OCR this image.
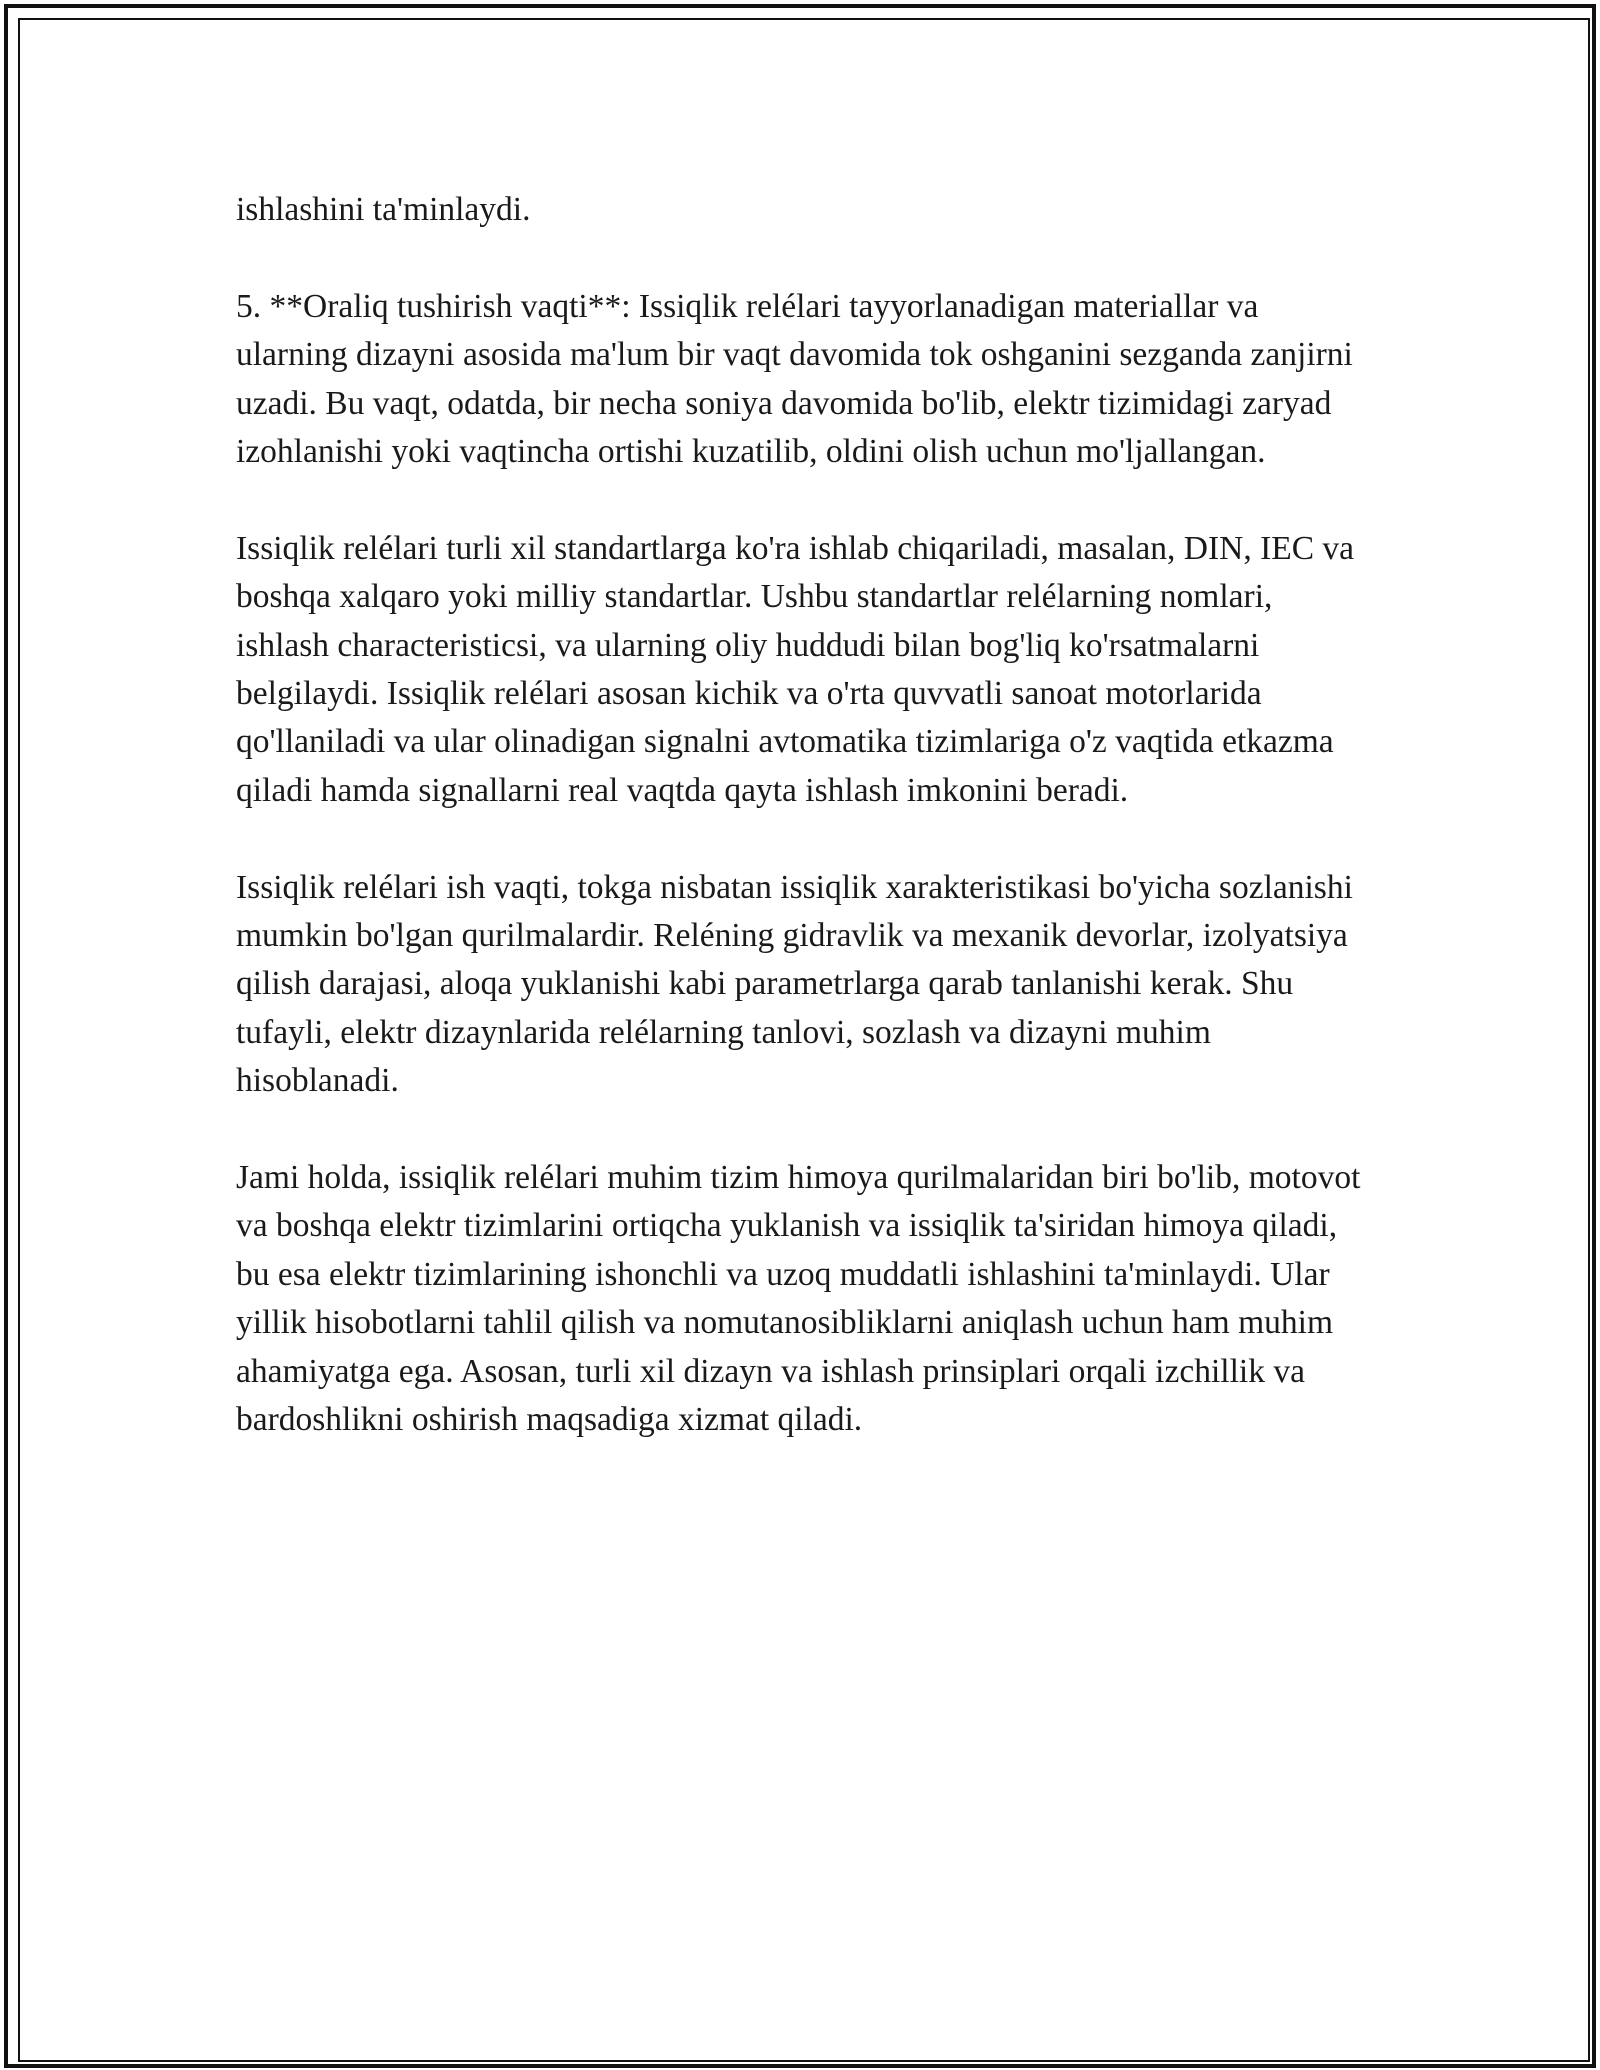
ishlashini ta'minlaydi.

5. **Oraliq tushirish vaqti**: Issiqlik relélari tayyorlanadigan materiallar va ularning dizayni asosida ma'lum bir vaqt davomida tok oshganini sezganda zanjirni uzadi. Bu vaqt, odatda, bir necha soniya davomida bo'lib, elektr tizimidagi zaryad izohlanishi yoki vaqtincha ortishi kuzatilib, oldini olish uchun mo'ljallangan.

Issiqlik relélari turli xil standartlarga ko'ra ishlab chiqariladi, masalan, DIN, IEC va boshqa xalqaro yoki milliy standartlar. Ushbu standartlar relélarning nomlari, ishlash characteristicsi, va ularning oliy huddudi bilan bog'liq ko'rsatmalarni belgilaydi. Issiqlik relélari asosan kichik va o'rta quvvatli sanoat motorlarida qo'llaniladi va ular olinadigan signalni avtomatika tizimlariga o'z vaqtida etkazma qiladi hamda signallarni real vaqtda qayta ishlash imkonini beradi.

Issiqlik relélari ish vaqti, tokga nisbatan issiqlik xarakteristikasi bo'yicha sozlanishi mumkin bo'lgan qurilmalardir. Reléning gidravlik va mexanik devorlar, izolyatsiya qilish darajasi, aloqa yuklanishi kabi parametrlarga qarab tanlanishi kerak. Shu tufayli, elektr dizaynlarida relélarning tanlovi, sozlash va dizayni muhim hisoblanadi.

Jami holda, issiqlik relélari muhim tizim himoya qurilmalaridan biri bo'lib, motovot va boshqa elektr tizimlarini ortiqcha yuklanish va issiqlik ta'siridan himoya qiladi, bu esa elektr tizimlarining ishonchli va uzoq muddatli ishlashini ta'minlaydi. Ular yillik hisobotlarni tahlil qilish va nomutanosibliklarni aniqlash uchun ham muhim ahamiyatga ega. Asosan, turli xil dizayn va ishlash prinsiplari orqali izchillik va bardoshlikni oshirish maqsadiga xizmat qiladi.
